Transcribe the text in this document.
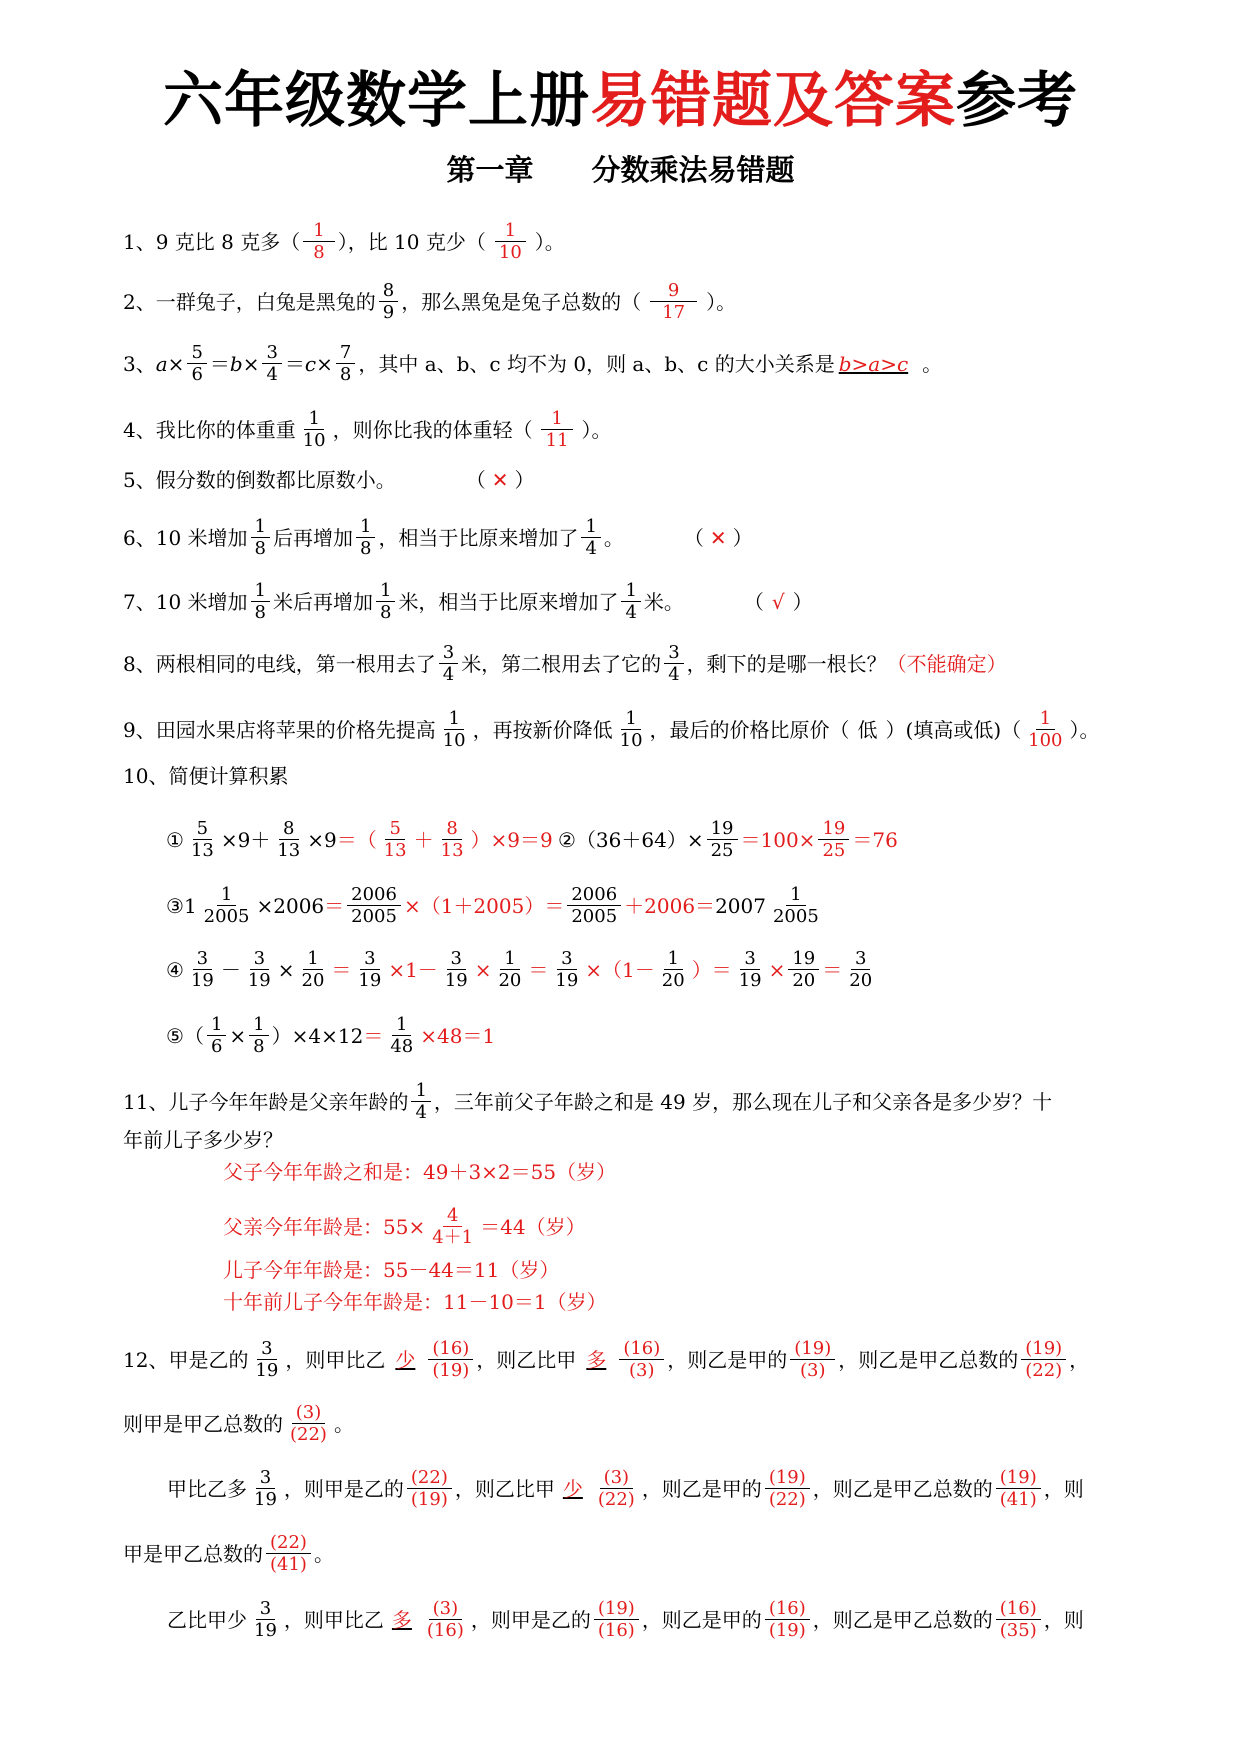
六年级数学上册易错题及答案参考
第一章　　分数乘法易错题
1、9 克比 8 克多（ $\frac{1}{8}$ ），比 10 克少（ $\frac{1}{10}$ ）。
2、一群兔子，白兔是黑兔的 $\frac{8}{9}$ ，那么黑兔是兔子总数的（ $\frac{9}{17}$ ）。
3、 $a \times \frac{5}{6} = b \times \frac{3}{4} = c \times \frac{7}{8}$ ，其中 a、b、c 均不为 0，则 a、b、c 的大小关系是 b>a>c 。
4、我比你的体重重 $\frac{1}{10}$ ，则你比我的体重轻（ $\frac{1}{11}$ ）。
5、假分数的倒数都比原数小。	（ ✕ ）
6、10 米增加 $\frac{1}{8}$ 后再增加 $\frac{1}{8}$ ，相当于比原来增加了 $\frac{1}{4}$ 。	（ ✕ ）
7、10 米增加 $\frac{1}{8}$ 米后再增加 $\frac{1}{8}$ 米，相当于比原来增加了 $\frac{1}{4}$ 米。	（ √ ）
8、两根相同的电线，第一根用去了 $\frac{3}{4}$ 米，第二根用去了它的 $\frac{3}{4}$ ，剩下的是哪一根长？ （不能确定）
9、田园水果店将苹果的价格先提高 $\frac{1}{10}$ ，再按新价降低 $\frac{1}{10}$ ，最后的价格比原价（ 低 ）(填高或低)（ $\frac{1}{100}$ ）。
10、简便计算积累
① $\frac{5}{13} \times 9+ \frac{8}{13} \times 9$ ＝（ $\frac{5}{13} + \frac{8}{13} )\times 9=9$ ② $(36+64)\times \frac{19}{25} =100\times \frac{19}{25} =76$
③ $1 \frac{1}{2005} \times 2006 = \frac{2006}{2005} \times(1+2005)= \frac{2006}{2005} +2006= 2007 \frac{1}{2005}$
④ $\frac{3}{19} - \frac{3}{19} \times \frac{1}{20} = \frac{3}{19} \times 1- \frac{3}{19} \times \frac{1}{20} = \frac{3}{19} \times(1- \frac{1}{20}$ ）＝ $\frac{3}{19} \times \frac{19}{20} = \frac{3}{20}$
⑤ （ $\frac{1}{6} \times \frac{1}{8} )\times 4\times 12 = \frac{1}{48} \times 48=1$
11、儿子今年年龄是父亲年龄的 $\frac{1}{4}$ ，三年前父子年龄之和是 49 岁，那么现在儿子和父亲各是多少岁？十
年前儿子多少岁？
父子今年年龄之和是：49＋3×2＝55（岁）
父亲今年年龄是：$55\times \frac{4}{4+1} =44$（岁）
儿子今年年龄是：55－44＝11（岁）
十年前儿子今年年龄是：11－10＝1（岁）
12、甲是乙的 $\frac{3}{19}$ ，则甲比乙 少 $\frac{(16)}{(19)}$ ，则乙比甲 多 $\frac{(16)}{(3)}$ ，则乙是甲的 $\frac{(19)}{(3)}$ ，则乙是甲乙总数的 $\frac{(19)}{(22)}$ ，
则甲是甲乙总数的 $\frac{(3)}{(22)}$ 。
甲比乙多 $\frac{3}{19}$ ，则甲是乙的 $\frac{(22)}{(19)}$ ，则乙比甲 少 $\frac{(3)}{(22)}$ ，则乙是甲的 $\frac{(19)}{(22)}$ ，则乙是甲乙总数的 $\frac{(19)}{(41)}$ ，则
甲是甲乙总数的 $\frac{(22)}{(41)}$ 。
乙比甲少 $\frac{3}{19}$ ，则甲比乙 多 $\frac{(3)}{(16)}$ ，则甲是乙的 $\frac{(19)}{(16)}$ ，则乙是甲的 $\frac{(16)}{(19)}$ ，则乙是甲乙总数的 $\frac{(16)}{(35)}$ ，则
